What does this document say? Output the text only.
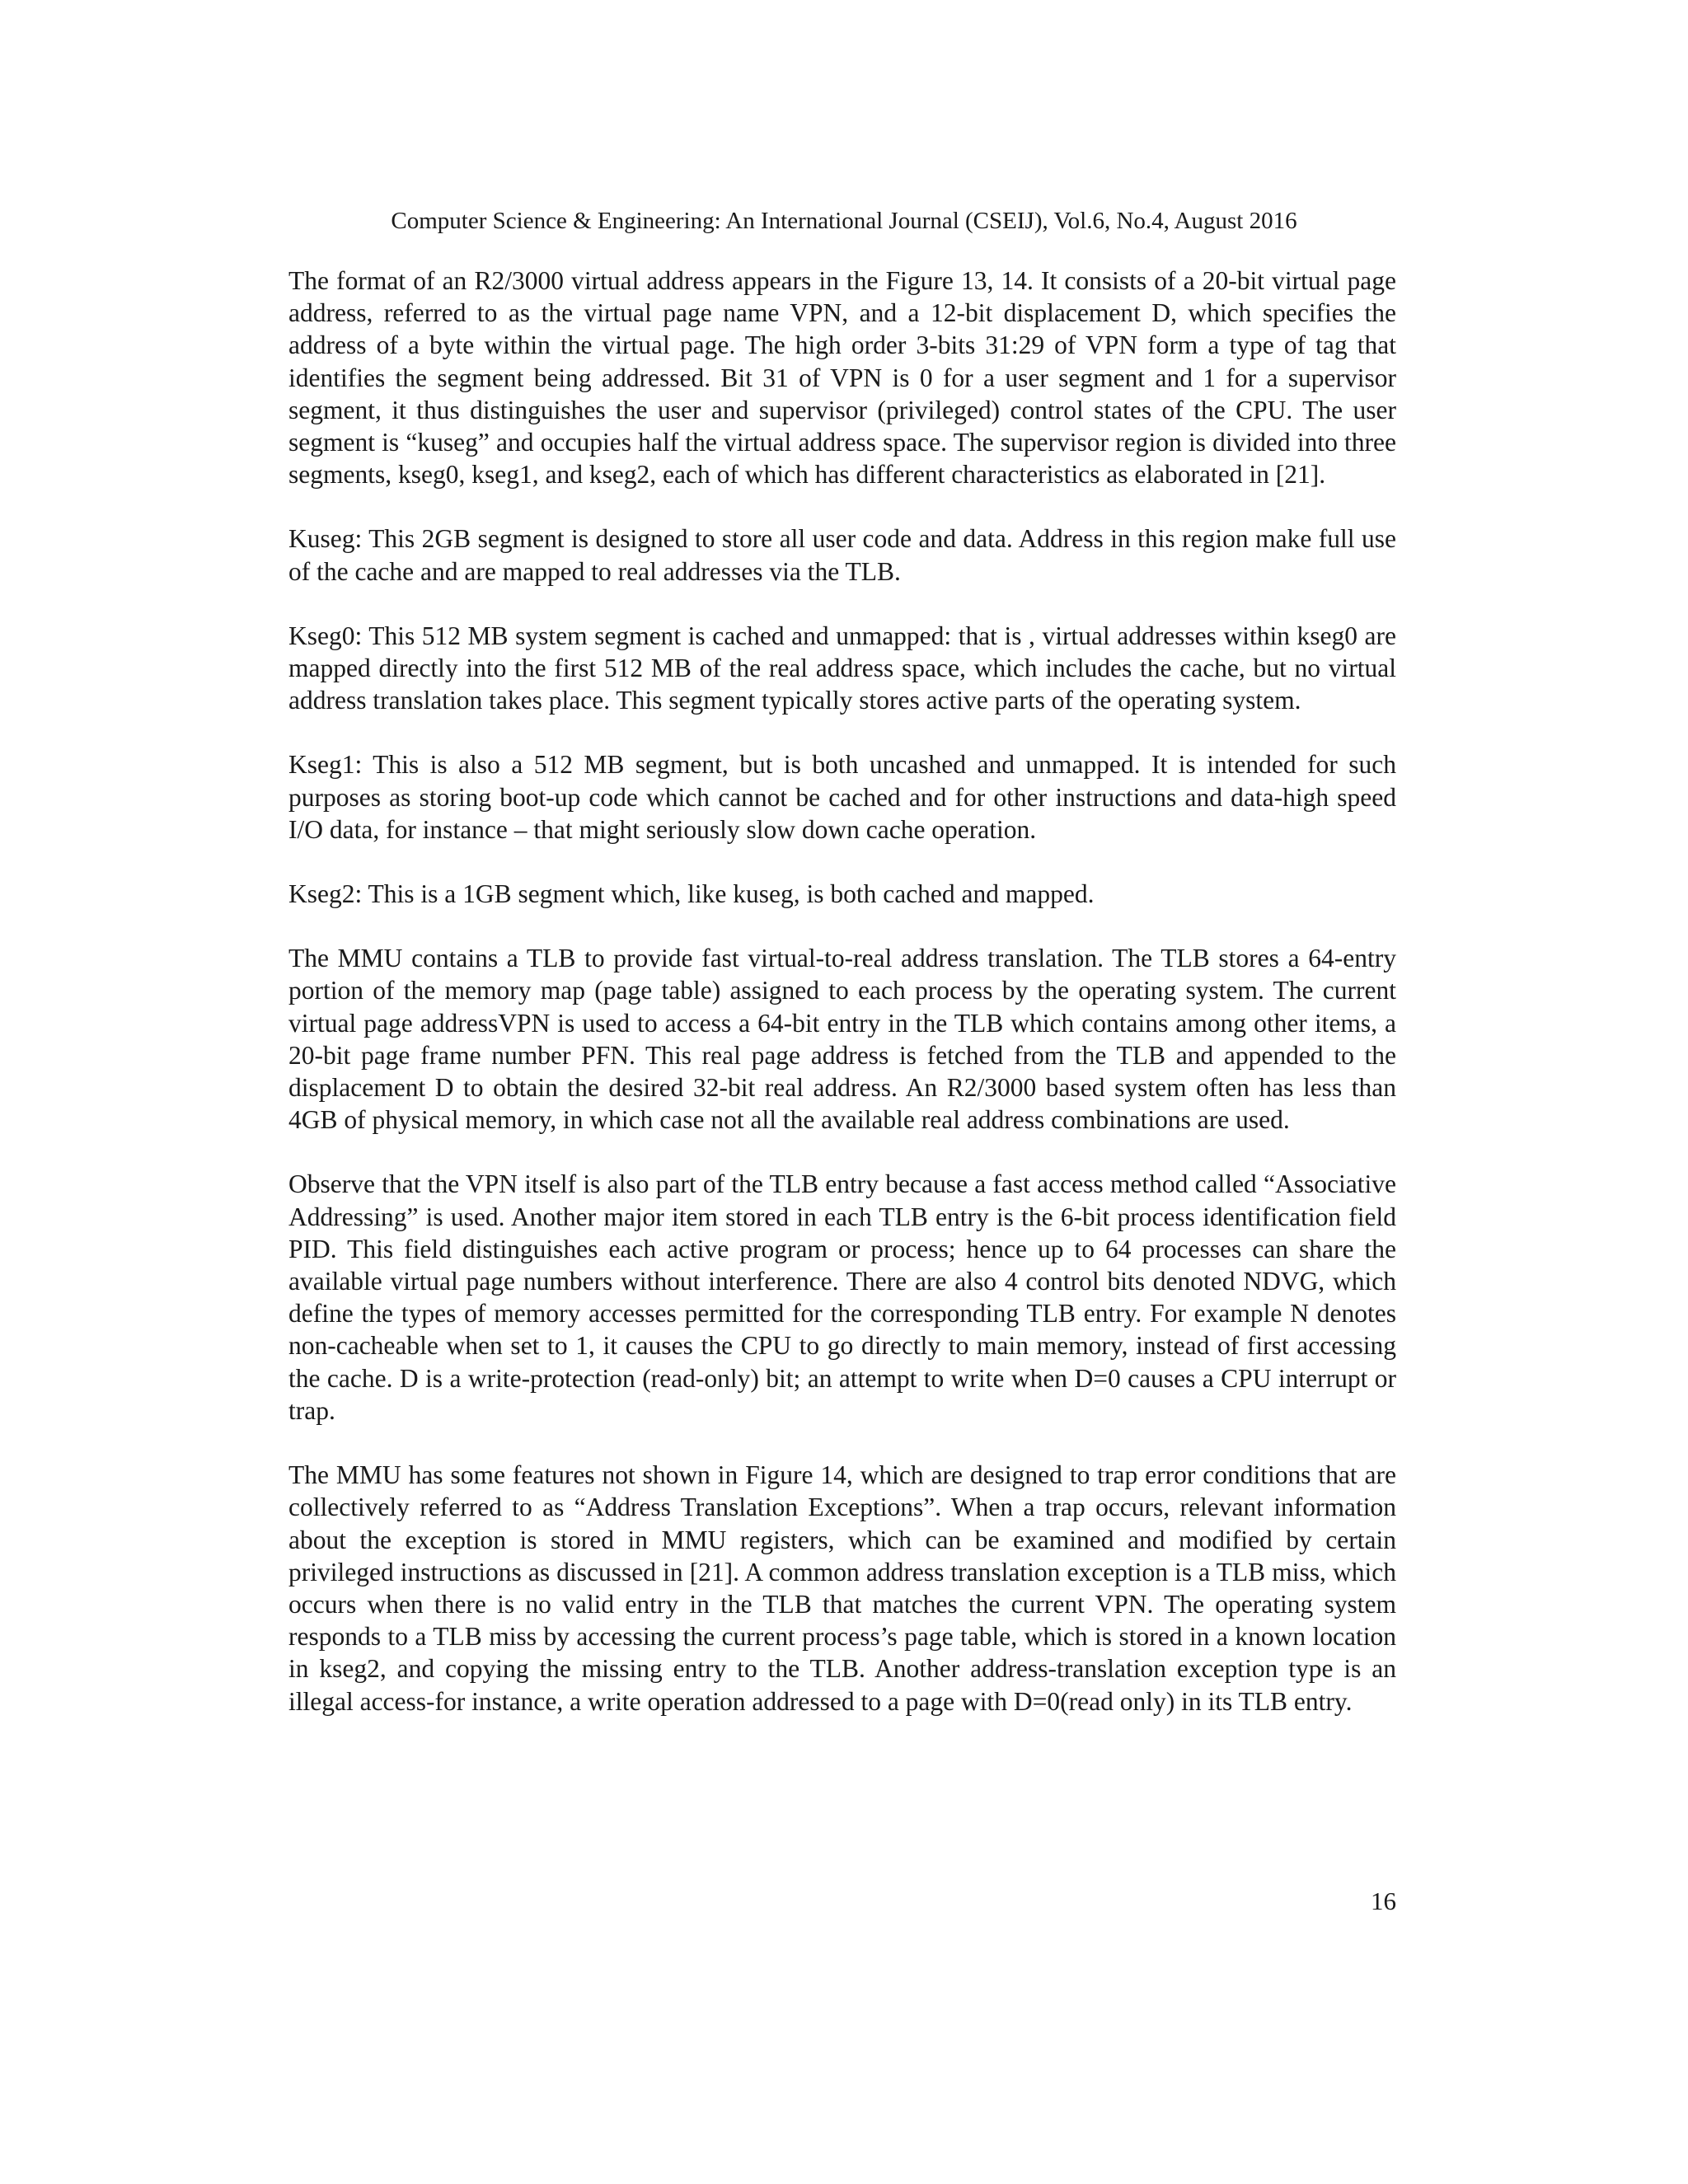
Computer Science & Engineering: An International Journal (CSEIJ), Vol.6, No.4, August 2016

The format of an R2/3000 virtual address appears in the Figure 13, 14. It consists of a 20-bit virtual page address, referred to as the virtual page name VPN, and a 12-bit displacement D, which specifies the address of a byte within the virtual page. The high order 3-bits 31:29 of VPN form a type of tag that identifies the segment being addressed. Bit 31 of VPN is 0 for a user segment and 1 for a supervisor segment, it thus distinguishes the user and supervisor (privileged) control states of the CPU. The user segment is “kuseg” and occupies half the virtual address space. The supervisor region is divided into three segments, kseg0, kseg1, and kseg2, each of which has different characteristics as elaborated in [21].

Kuseg: This 2GB segment is designed to store all user code and data. Address in this region make full use of the cache and are mapped to real addresses via the TLB.

Kseg0: This 512 MB system segment is cached and unmapped: that is , virtual addresses within kseg0 are mapped directly into the first 512 MB of the real address space, which includes the cache, but no virtual address translation takes place. This segment typically stores active parts of the operating system.

Kseg1: This is also a 512 MB segment, but is both uncashed and unmapped. It is intended for such purposes as storing boot-up code which cannot be cached and for other instructions and data-high speed I/O data, for instance – that might seriously slow down cache operation.

Kseg2: This is a 1GB segment which, like kuseg, is both cached and mapped.

The MMU contains a TLB to provide fast virtual-to-real address translation. The TLB stores a 64-entry portion of the memory map (page table) assigned to each process by the operating system. The current virtual page addressVPN is used to access a 64-bit entry in the TLB which contains among other items, a 20-bit page frame number PFN. This real page address is fetched from the TLB and appended to the displacement D to obtain the desired 32-bit real address. An R2/3000 based system often has less than 4GB of physical memory, in which case not all the available real address combinations are used.

Observe that the VPN itself is also part of the TLB entry because a fast access method called “Associative Addressing” is used. Another major item stored in each TLB entry is the 6-bit process identification field PID. This field distinguishes each active program or process; hence up to 64 processes can share the available virtual page numbers without interference. There are also 4 control bits denoted NDVG, which define the types of memory accesses permitted for the corresponding TLB entry. For example N denotes non-cacheable when set to 1, it causes the CPU to go directly to main memory, instead of first accessing the cache. D is a write-protection (read-only) bit; an attempt to write when D=0 causes a CPU interrupt or trap.

The MMU has some features not shown in Figure 14, which are designed to trap error conditions that are collectively referred to as “Address Translation Exceptions”. When a trap occurs, relevant information about the exception is stored in MMU registers, which can be examined and modified by certain privileged instructions as discussed in [21]. A common address translation exception is a TLB miss, which occurs when there is no valid entry in the TLB that matches the current VPN. The operating system responds to a TLB miss by accessing the current process’s page table, which is stored in a known location in kseg2, and copying the missing entry to the TLB. Another address-translation exception type is an illegal access-for instance, a write operation addressed to a page with D=0(read only) in its TLB entry.

16
